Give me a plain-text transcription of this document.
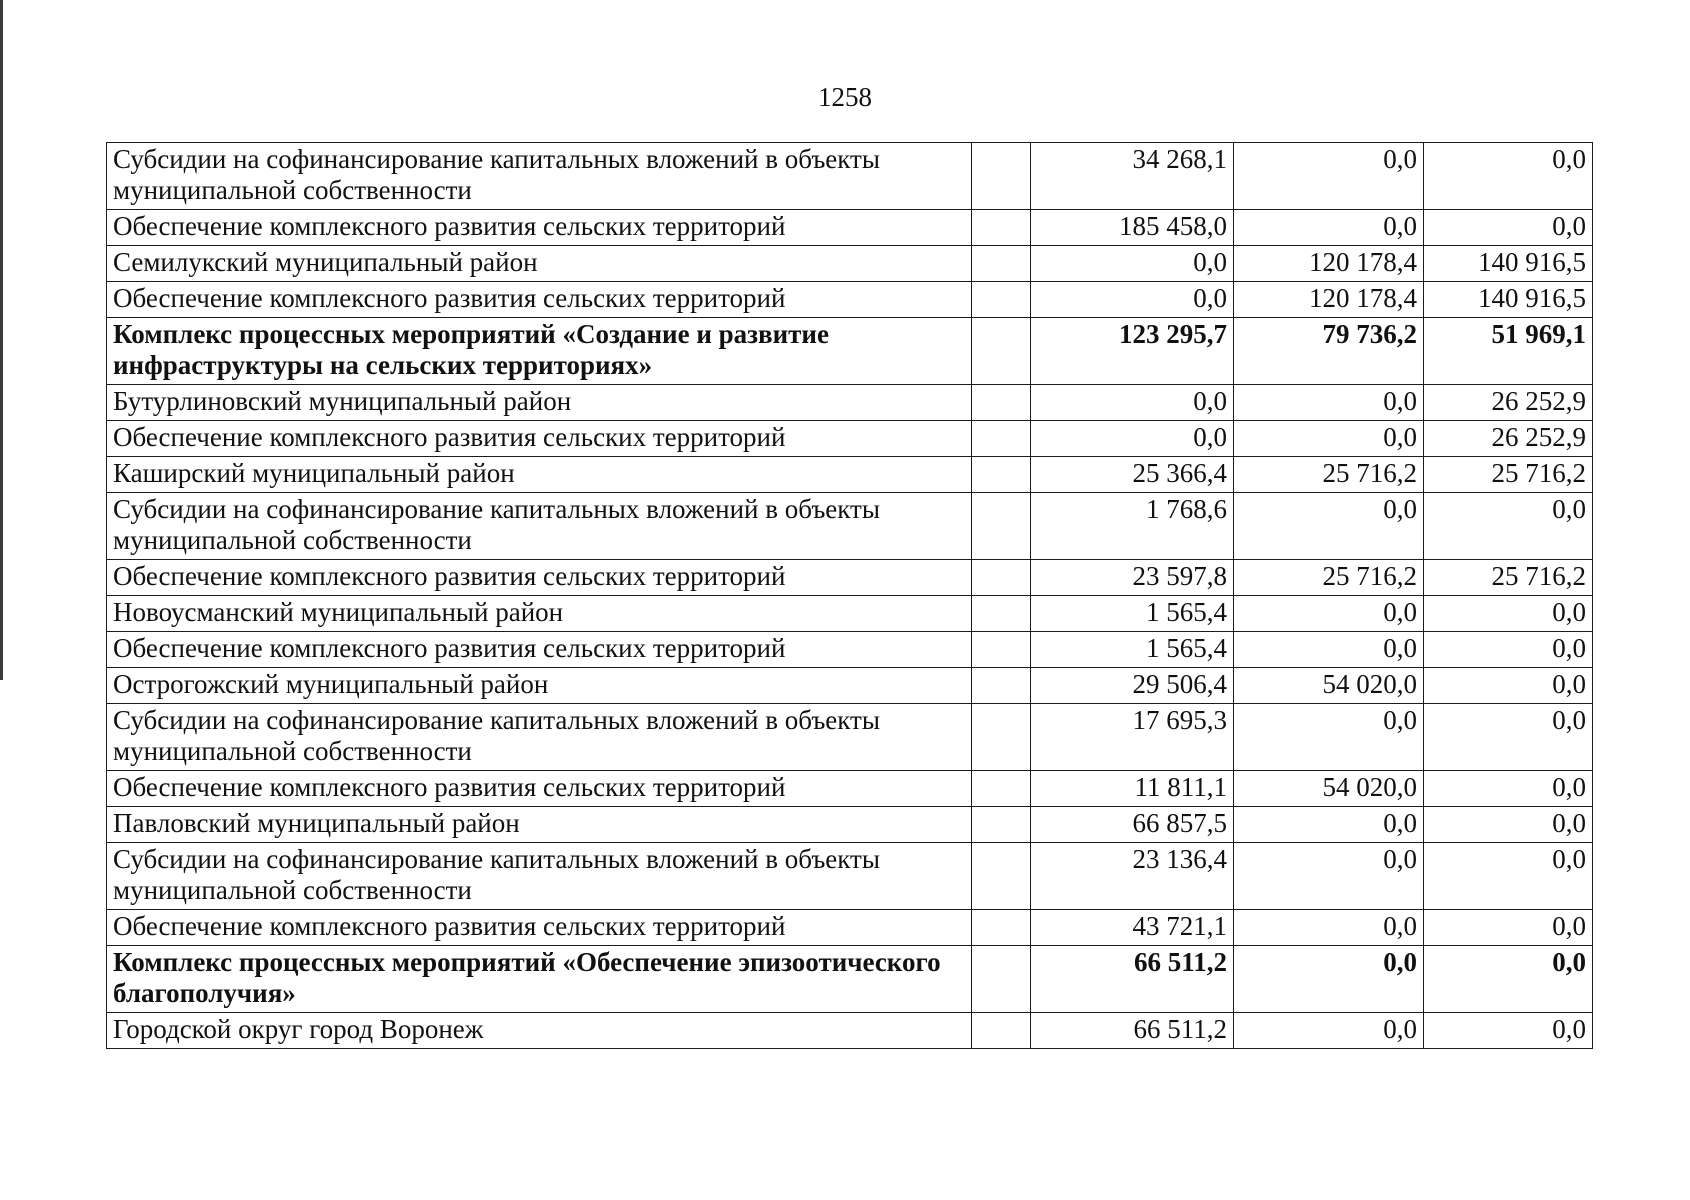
1258
Субсидии на софинансирование капитальных вложений в объекты муниципальной собственности		34 268,1	0,0	0,0
Обеспечение комплексного развития сельских территорий		185 458,0	0,0	0,0
Семилукский муниципальный район		0,0	120 178,4	140 916,5
Обеспечение комплексного развития сельских территорий		0,0	120 178,4	140 916,5
Комплекс процессных мероприятий «Создание и развитие инфраструктуры на сельских территориях»		123 295,7	79 736,2	51 969,1
Бутурлиновский муниципальный район		0,0	0,0	26 252,9
Обеспечение комплексного развития сельских территорий		0,0	0,0	26 252,9
Каширский муниципальный район		25 366,4	25 716,2	25 716,2
Субсидии на софинансирование капитальных вложений в объекты муниципальной собственности		1 768,6	0,0	0,0
Обеспечение комплексного развития сельских территорий		23 597,8	25 716,2	25 716,2
Новоусманский муниципальный район		1 565,4	0,0	0,0
Обеспечение комплексного развития сельских территорий		1 565,4	0,0	0,0
Острогожский муниципальный район		29 506,4	54 020,0	0,0
Субсидии на софинансирование капитальных вложений в объекты муниципальной собственности		17 695,3	0,0	0,0
Обеспечение комплексного развития сельских территорий		11 811,1	54 020,0	0,0
Павловский муниципальный район		66 857,5	0,0	0,0
Субсидии на софинансирование капитальных вложений в объекты муниципальной собственности		23 136,4	0,0	0,0
Обеспечение комплексного развития сельских территорий		43 721,1	0,0	0,0
Комплекс процессных мероприятий «Обеспечение эпизоотического благополучия»		66 511,2	0,0	0,0
Городской округ город Воронеж		66 511,2	0,0	0,0
